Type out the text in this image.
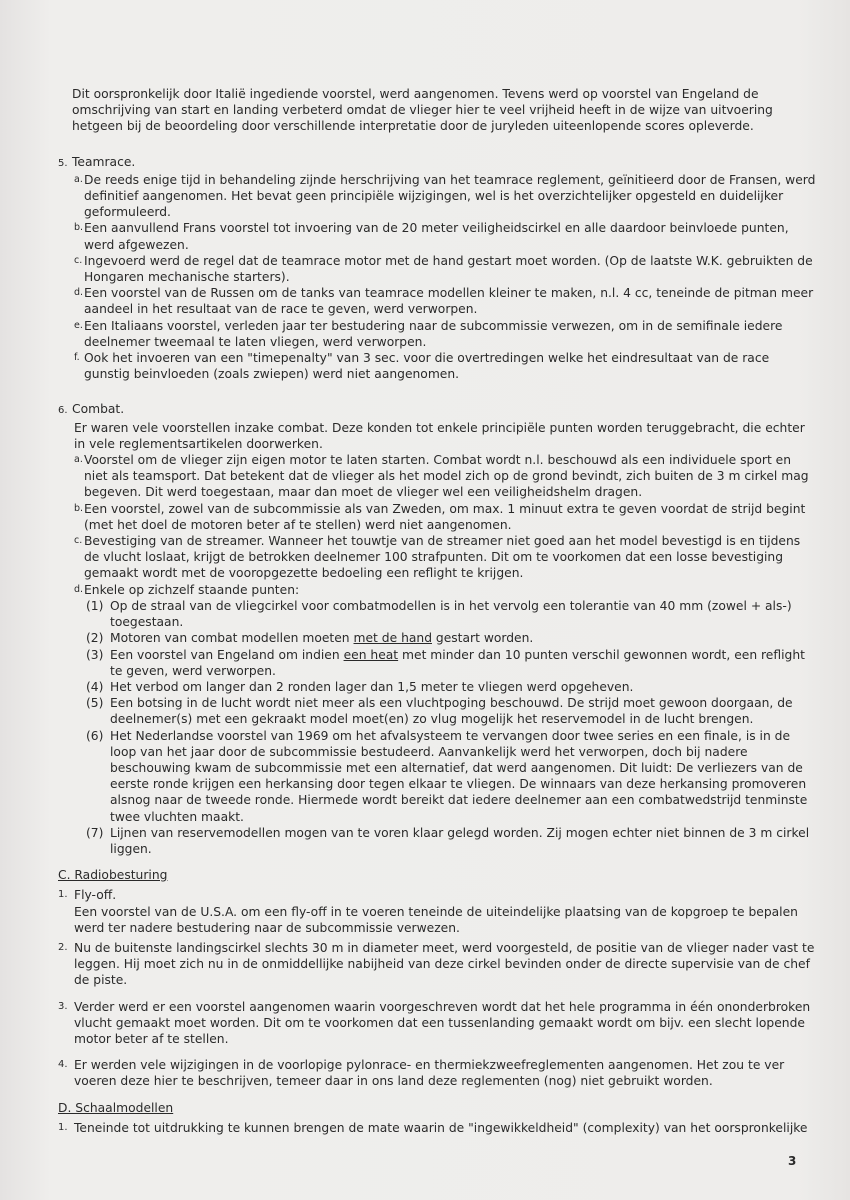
Dit oorspronkelijk door Italië ingediende voorstel, werd aangenomen. Tevens werd op voorstel van Engeland de omschrijving van start en landing verbeterd omdat de vlieger hier te veel vrijheid heeft in de wijze van uitvoering hetgeen bij de beoordeling door verschillende interpretatie door de juryleden uiteenlopende scores opleverde.

5. Teamrace.

a. De reeds enige tijd in behandeling zijnde herschrijving van het teamrace reglement, geïnitieerd door de Fransen, werd definitief aangenomen. Het bevat geen principiële wijzigingen, wel is het overzichtelijker opgesteld en duidelijker geformuleerd.
b. Een aanvullend Frans voorstel tot invoering van de 20 meter veiligheidscirkel en alle daardoor beinvloede punten, werd afgewezen.
c. Ingevoerd werd de regel dat de teamrace motor met de hand gestart moet worden. (Op de laatste W.K. gebruikten de Hongaren mechanische starters).
d. Een voorstel van de Russen om de tanks van teamrace modellen kleiner te maken, n.l. 4 cc, teneinde de pitman meer aandeel in het resultaat van de race te geven, werd verworpen.
e. Een Italiaans voorstel, verleden jaar ter bestudering naar de subcommissie verwezen, om in de semifinale iedere deelnemer tweemaal te laten vliegen, werd verworpen.
f. Ook het invoeren van een "timepenalty" van 3 sec. voor die overtredingen welke het eindresultaat van de race gunstig beinvloeden (zoals zwiepen) werd niet aangenomen.

6. Combat.

Er waren vele voorstellen inzake combat. Deze konden tot enkele principiële punten worden teruggebracht, die echter in vele reglementsartikelen doorwerken.

a. Voorstel om de vlieger zijn eigen motor te laten starten. Combat wordt n.l. beschouwd als een individuele sport en niet als teamsport. Dat betekent dat de vlieger als het model zich op de grond bevindt, zich buiten de 3 m cirkel mag begeven. Dit werd toegestaan, maar dan moet de vlieger wel een veiligheidshelm dragen.
b. Een voorstel, zowel van de subcommissie als van Zweden, om max. 1 minuut extra te geven voordat de strijd begint (met het doel de motoren beter af te stellen) werd niet aangenomen.
c. Bevestiging van de streamer. Wanneer het touwtje van de streamer niet goed aan het model bevestigd is en tijdens de vlucht loslaat, krijgt de betrokken deelnemer 100 strafpunten. Dit om te voorkomen dat een losse bevestiging gemaakt wordt met de vooropgezette bedoeling een reflight te krijgen.
d. Enkele op zichzelf staande punten:
(1) Op de straal van de vliegcirkel voor combatmodellen is in het vervolg een tolerantie van 40 mm (zowel + als-) toegestaan.
(2) Motoren van combat modellen moeten met de hand gestart worden.
(3) Een voorstel van Engeland om indien een heat met minder dan 10 punten verschil gewonnen wordt, een reflight te geven, werd verworpen.
(4) Het verbod om langer dan 2 ronden lager dan 1,5 meter te vliegen werd opgeheven.
(5) Een botsing in de lucht wordt niet meer als een vluchtpoging beschouwd. De strijd moet gewoon doorgaan, de deelnemer(s) met een gekraakt model moet(en) zo vlug mogelijk het reservemodel in de lucht brengen.
(6) Het Nederlandse voorstel van 1969 om het afvalsysteem te vervangen door twee series en een finale, is in de loop van het jaar door de subcommissie bestudeerd. Aanvankelijk werd het verworpen, doch bij nadere beschouwing kwam de subcommissie met een alternatief, dat werd aangenomen. Dit luidt: De verliezers van de eerste ronde krijgen een herkansing door tegen elkaar te vliegen. De winnaars van deze herkansing promoveren alsnog naar de tweede ronde. Hiermede wordt bereikt dat iedere deelnemer aan een combatwedstrijd tenminste twee vluchten maakt.
(7) Lijnen van reservemodellen mogen van te voren klaar gelegd worden. Zij mogen echter niet binnen de 3 m cirkel liggen.

C. Radiobesturing

1. Fly-off.
Een voorstel van de U.S.A. om een fly-off in te voeren teneinde de uiteindelijke plaatsing van de kopgroep te bepalen werd ter nadere bestudering naar de subcommissie verwezen.
2. Nu de buitenste landingscirkel slechts 30 m in diameter meet, werd voorgesteld, de positie van de vlieger nader vast te leggen. Hij moet zich nu in de onmiddellijke nabijheid van deze cirkel bevinden onder de directe supervisie van de chef de piste.
3. Verder werd er een voorstel aangenomen waarin voorgeschreven wordt dat het hele programma in één ononderbroken vlucht gemaakt moet worden. Dit om te voorkomen dat een tussenlanding gemaakt wordt om bijv. een slecht lopende motor beter af te stellen.
4. Er werden vele wijzigingen in de voorlopige pylonrace- en thermiekzweefreglementen aangenomen. Het zou te ver voeren deze hier te beschrijven, temeer daar in ons land deze reglementen (nog) niet gebruikt worden.

D. Schaalmodellen

1. Teneinde tot uitdrukking te kunnen brengen de mate waarin de "ingewikkeldheid" (complexity) van het oorspronkelijke
3
